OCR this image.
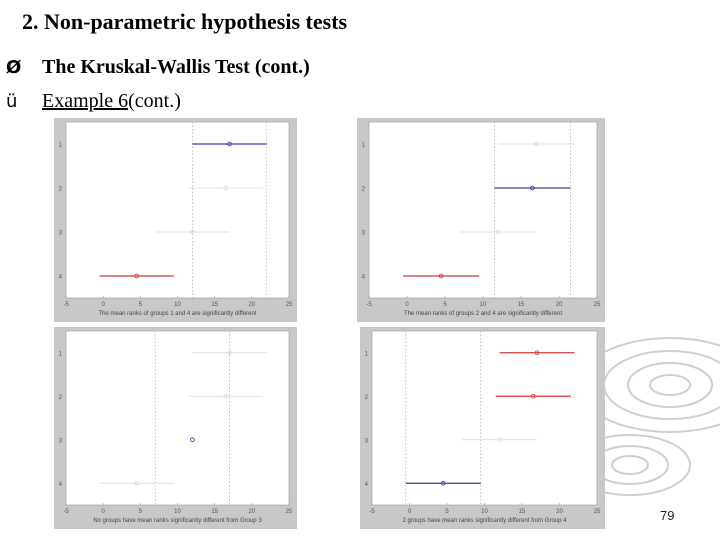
2. Non-parametric hypothesis tests
Ø	The Kruskal-Wallis Test (cont.)
ü	Example 6 (cont.)
1
2
3
4
-5	0	5	10	15	20	25
The mean ranks of groups 1 and 4 are significantly different
1
2
3
4
-5	0	5	10	15	20	25
The mean ranks of groups 2 and 4 are significantly different
1
2
3
4
-5	0	5	10	15	20	25
No groups have mean ranks significantly different from Group 3
1
2
3
4
-5	0	5	10	15	20	25
2 groups have mean ranks significantly different from Group 4	79
